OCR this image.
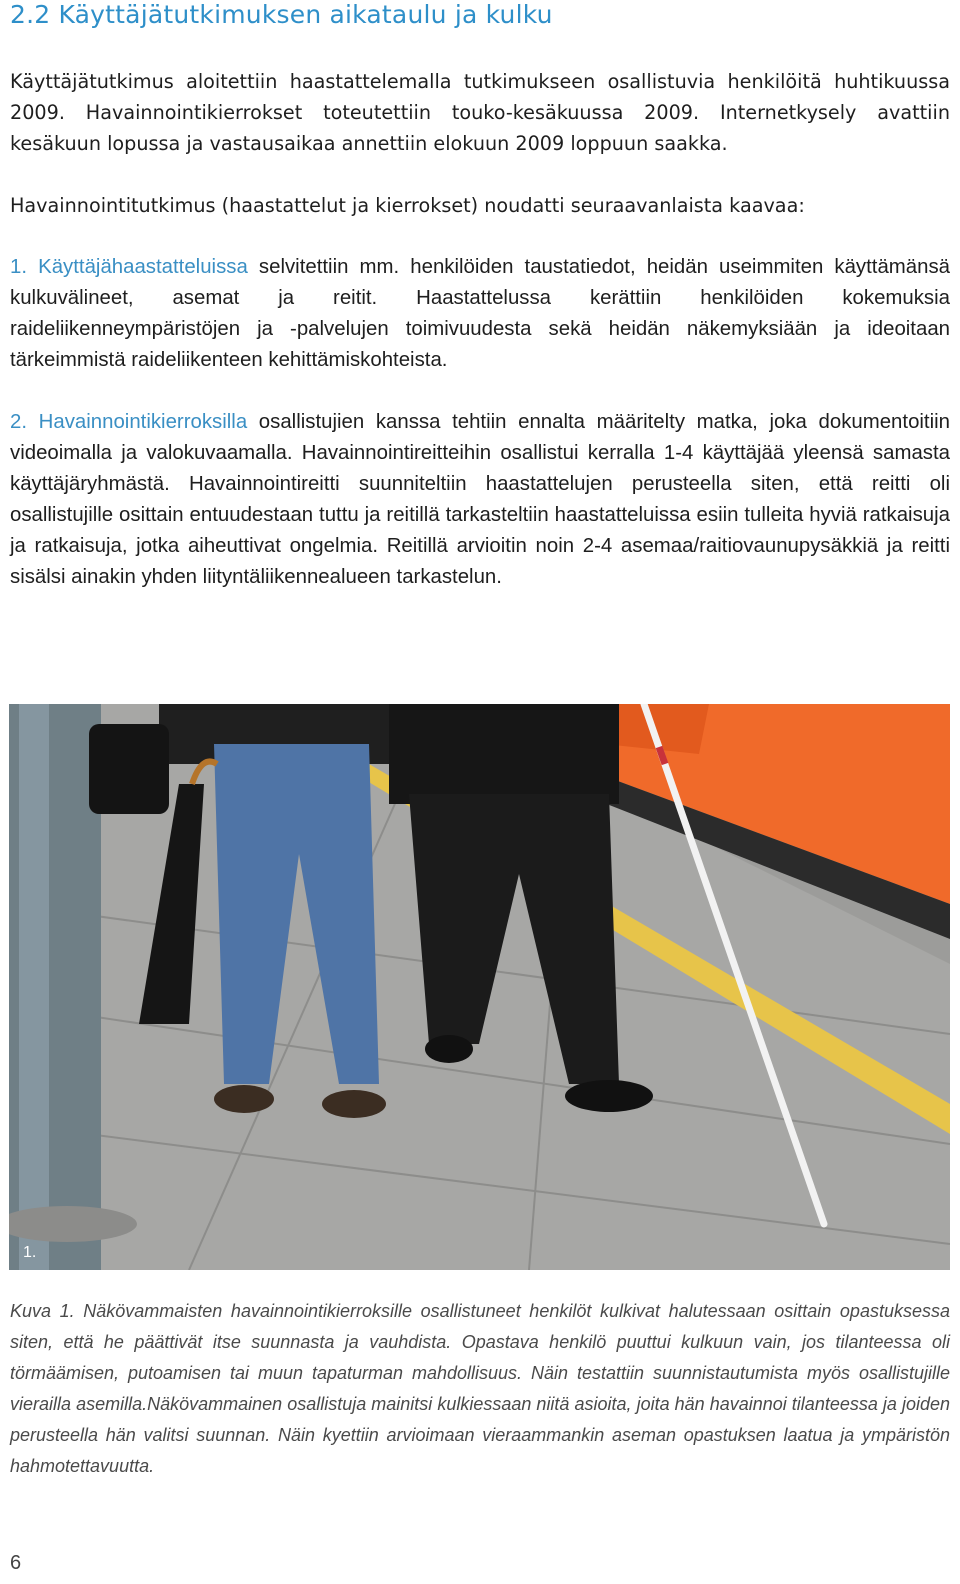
2.2 Käyttäjätutkimuksen aikataulu ja kulku

Käyttäjätutkimus aloitettiin haastattelemalla tutkimukseen osallistuvia henkilöitä huhtikuussa 2009. Havainnointikierrokset toteutettiin touko-kesäkuussa 2009. Internetkysely avattiin kesäkuun lopussa ja vastausaikaa annettiin elokuun 2009 loppuun saakka.

Havainnointitutkimus (haastattelut ja kierrokset) noudatti seuraavanlaista kaavaa:

1. Käyttäjähaastatteluissa selvitettiin mm. henkilöiden taustatiedot, heidän useimmiten käyttämänsä kulkuvälineet, asemat ja reitit. Haastattelussa kerättiin henkilöiden kokemuksia raideliikenneympäristöjen ja -palvelujen toimivuudesta sekä heidän näkemyksiään ja ideoitaan tärkeimmistä raideliikenteen kehittämiskohteista.

2. Havainnointikierroksilla osallistujien kanssa tehtiin ennalta määritelty matka, joka dokumentoitiin videoimalla ja valokuvaamalla. Havainnointireitteihin osallistui kerralla 1-4 käyttäjää yleensä samasta käyttäjäryhmästä. Havainnointireitti suunniteltiin haastattelujen perusteella siten, että reitti oli osallistujille osittain entuudestaan tuttu ja reitillä tarkasteltiin haastatteluissa esiin tulleita hyviä ratkaisuja ja ratkaisuja, jotka aiheuttivat ongelmia. Reitillä arvioitin noin 2-4 asemaa/raitiovaunupysäkkiä ja reitti sisälsi ainakin yhden liityntäliikennealueen tarkastelun.

1.

Kuva 1. Näkövammaisten havainnointikierroksille osallistuneet henkilöt kulkivat halutessaan osittain opastuksessa siten, että he päättivät itse suunnasta ja vauhdista. Opastava henkilö puuttui kulkuun vain, jos tilanteessa oli törmäämisen, putoamisen tai muun tapaturman mahdollisuus. Näin testattiin suunnistautumista myös osallistujille vierailla asemilla.Näkövammainen osallistuja mainitsi kulkiessaan niitä asioita, joita hän havainnoi tilanteessa ja joiden perusteella hän valitsi suunnan. Näin kyettiin arvioimaan vieraammankin aseman opastuksen laatua ja ympäristön hahmotettavuutta.

6
